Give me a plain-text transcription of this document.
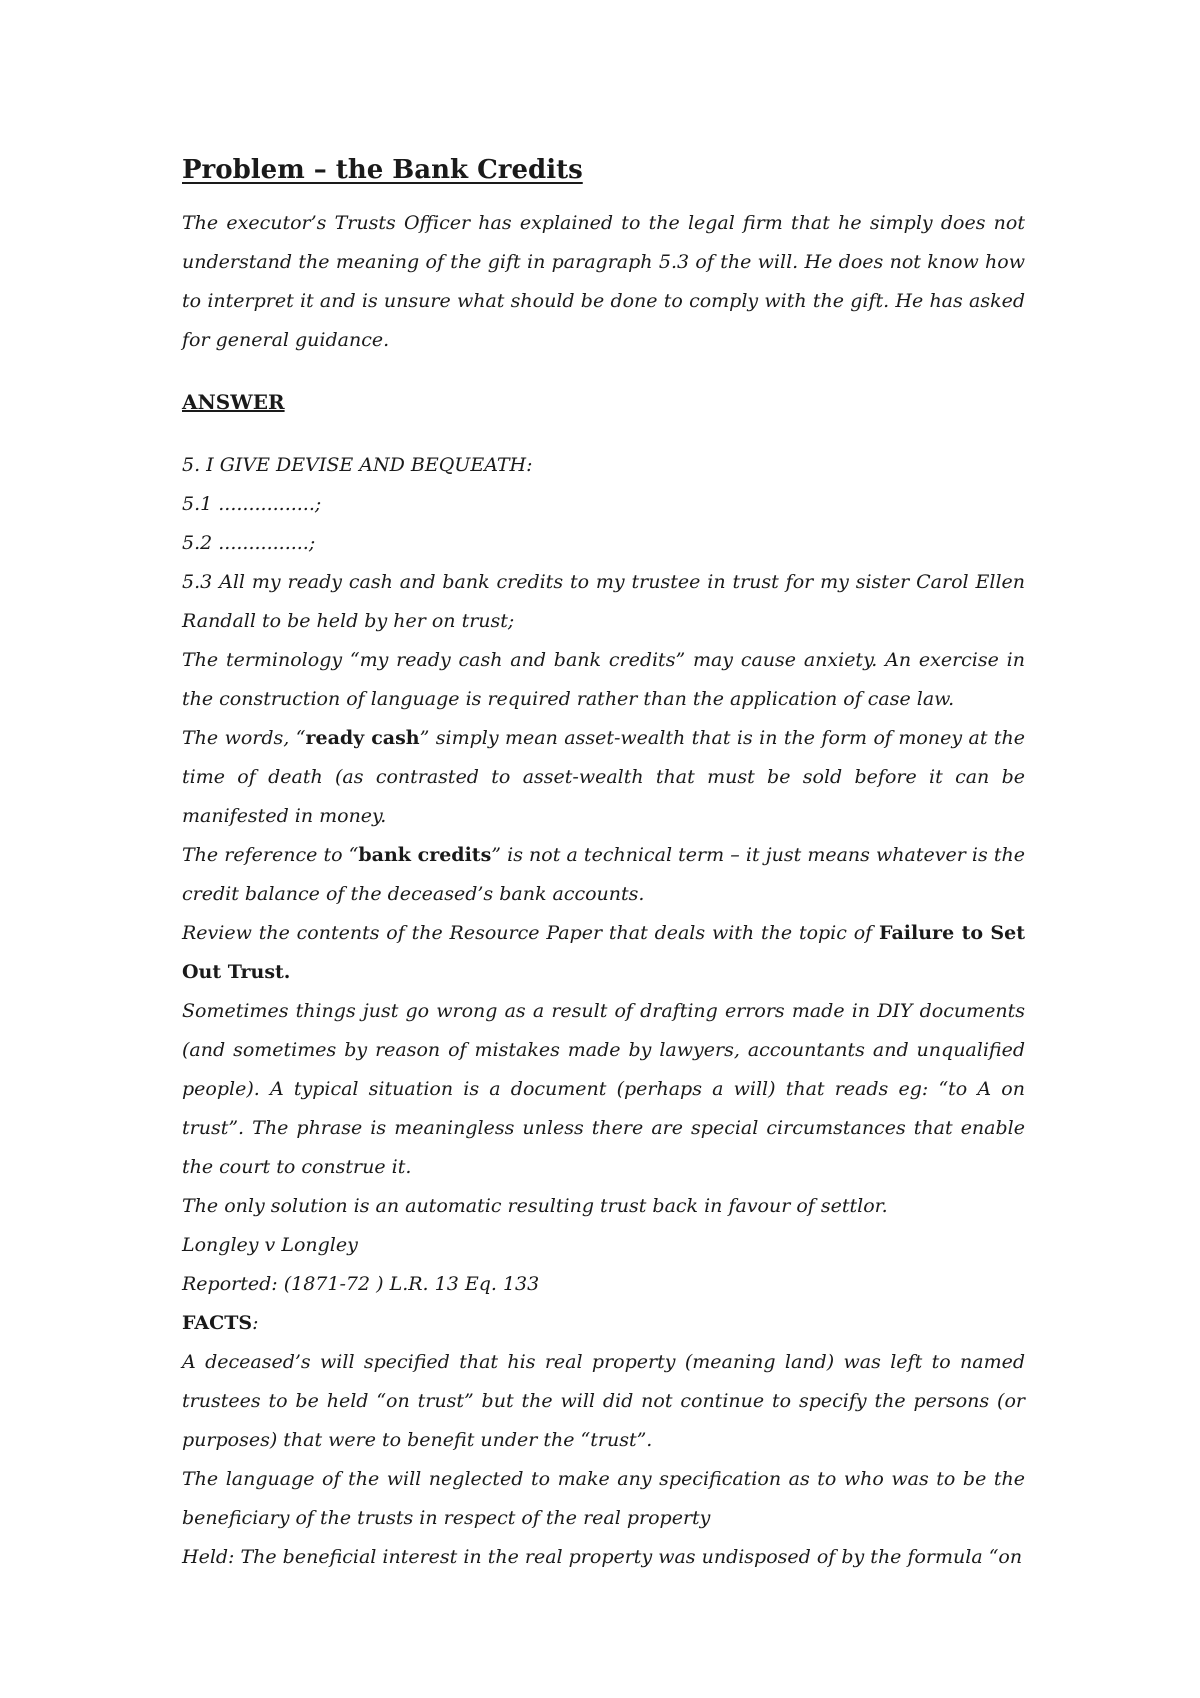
Problem – the Bank Credits

The executor’s Trusts Officer has explained to the legal firm that he simply does not understand the meaning of the gift in paragraph 5.3 of the will. He does not know how to interpret it and is unsure what should be done to comply with the gift. He has asked for general guidance.

ANSWER

5. I GIVE DEVISE AND BEQUEATH:

5.1 ................;

5.2 ...............;

5.3 All my ready cash and bank credits to my trustee in trust for my sister Carol Ellen Randall to be held by her on trust;

The terminology “my ready cash and bank credits” may cause anxiety. An exercise in the construction of language is required rather than the application of case law.

The words, “ready cash” simply mean asset-wealth that is in the form of money at the time of death (as contrasted to asset-wealth that must be sold before it can be manifested in money.

The reference to “bank credits” is not a technical term – it just means whatever is the credit balance of the deceased’s bank accounts.

Review the contents of the Resource Paper that deals with the topic of Failure to Set Out Trust.

Sometimes things just go wrong as a result of drafting errors made in DIY documents (and sometimes by reason of mistakes made by lawyers, accountants and unqualified people). A typical situation is a document (perhaps a will) that reads eg: “to A on trust”. The phrase is meaningless unless there are special circumstances that enable the court to construe it.

The only solution is an automatic resulting trust back in favour of settlor.

Longley v Longley

Reported: (1871-72 ) L.R. 13 Eq. 133

FACTS:

A deceased’s will specified that his real property (meaning land) was left to named trustees to be held “on trust” but the will did not continue to specify the persons (or purposes) that were to benefit under the “trust”.

The language of the will neglected to make any specification as to who was to be the beneficiary of the trusts in respect of the real property

Held: The beneficial interest in the real property was undisposed of by the formula “on
